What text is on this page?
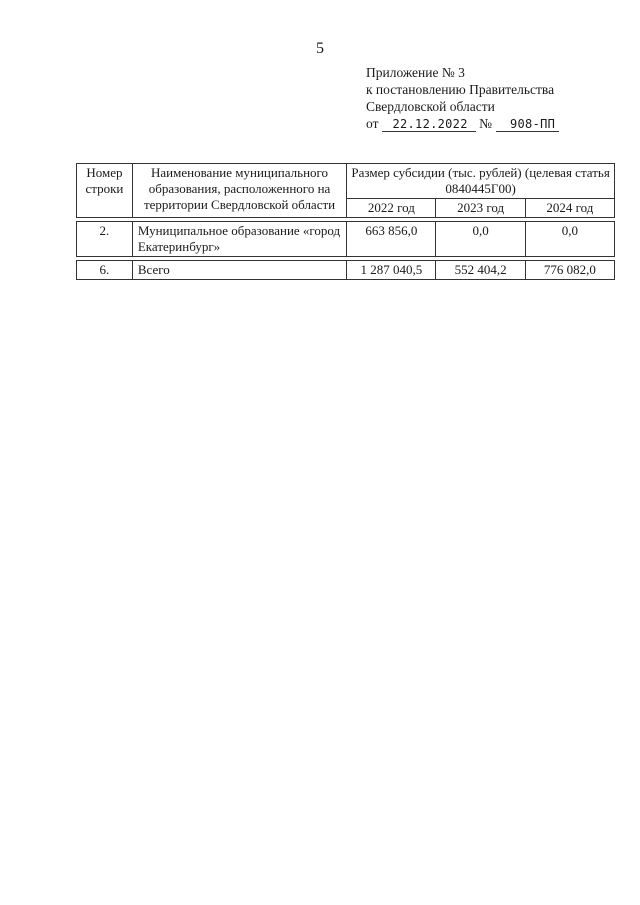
5
Приложение № 3
к постановлению Правительства
Свердловской области
от 22.12.2022 № 908-ПП
Номер строки	Наименование муниципального образования, расположенного на территории Свердловской области	Размер субсидии (тыс. рублей) (целевая статья 0840445Г00)		
		2022 год	2023 год	2024 год

2.	Муниципальное образование «город Екатеринбург»	663 856,0	0,0	0,0

6.	Всего	1 287 040,5	552 404,2	776 082,0
